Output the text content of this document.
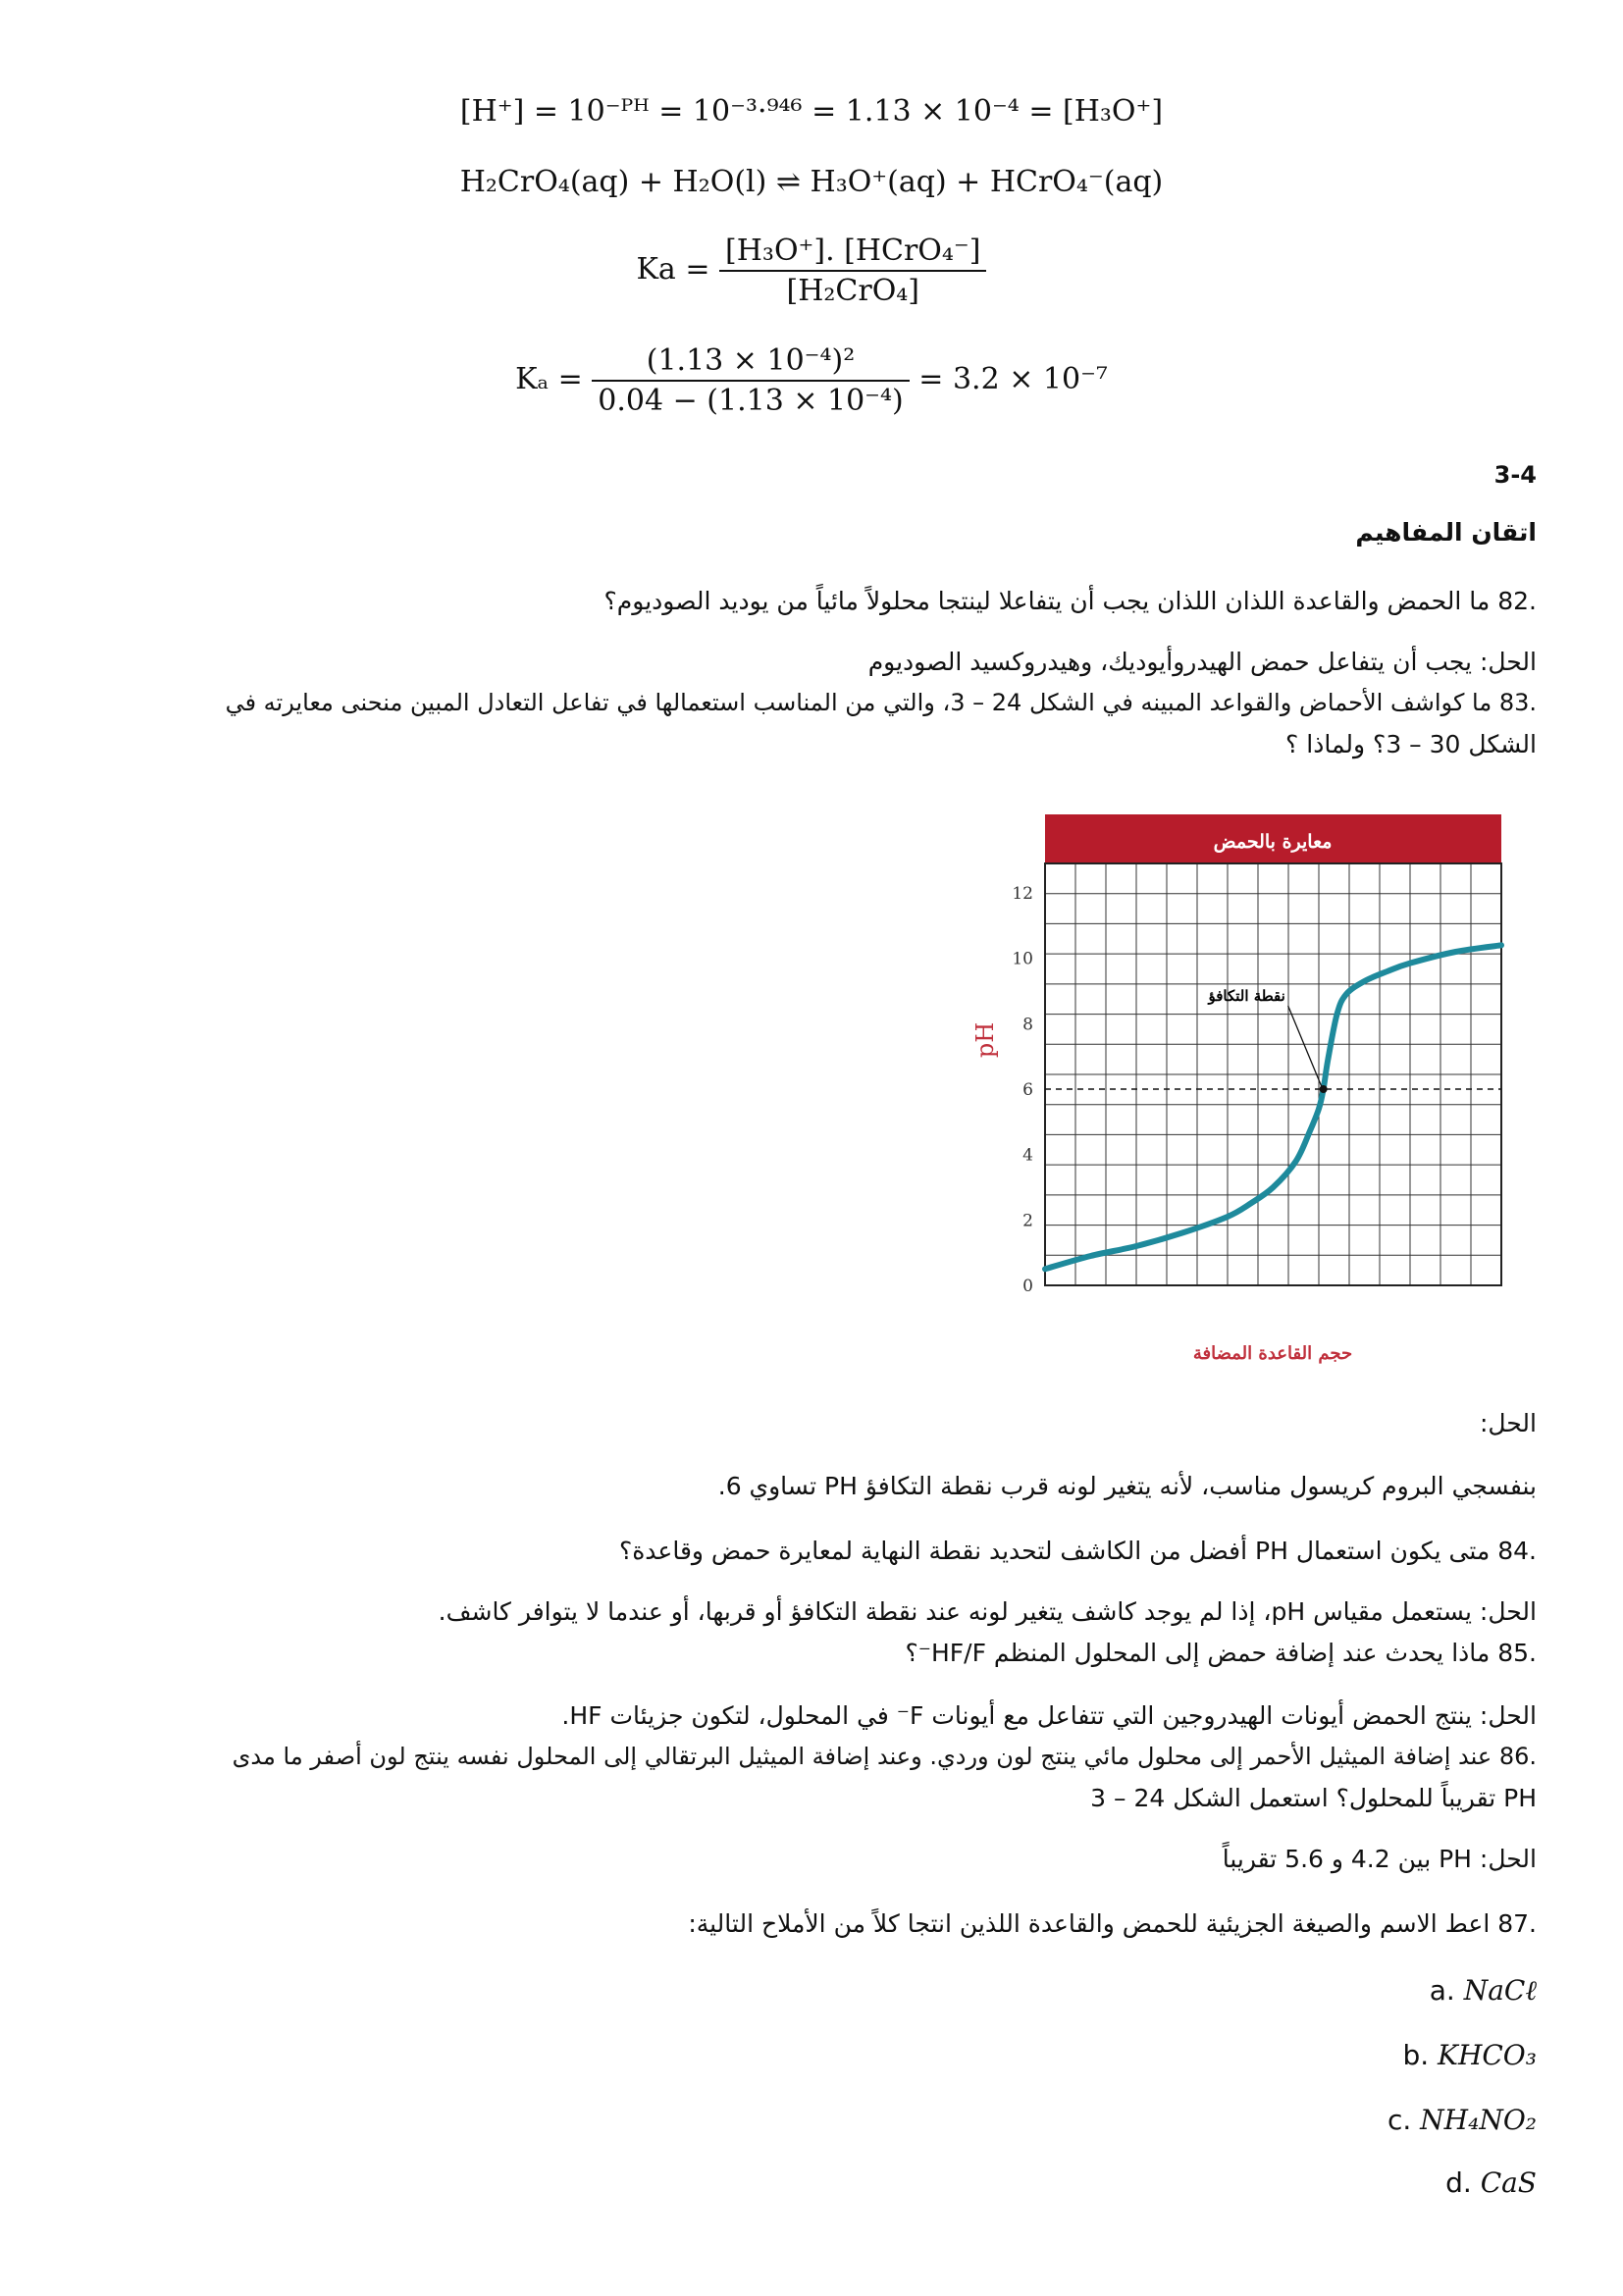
[H⁺] = 10⁻ᴾᴴ = 10⁻³·⁹⁴⁶ = 1.13 × 10⁻⁴ = [H₃O⁺]
H₂CrO₄(aq) + H₂O(l) ⇌ H₃O⁺(aq) + HCrO₄⁻(aq)
$Ka = \frac{\text{[H₃O⁺]. [HCrO₄⁻]}}{\text{[H₂CrO₄]}}$
$K_a = \frac{\text{(1.13 × 10⁻⁴)²}}{\text{0.04 − (1.13 × 10⁻⁴)}} = 3.2 \times 10^{-7}$
3-4
اتقان المفاهيم
.82 ما الحمض والقاعدة اللذان اللذان يجب أن يتفاعلا لينتجا محلولاً مائياً من يوديد الصوديوم؟
الحل: يجب أن يتفاعل حمض الهيدروأيوديك، وهيدروكسيد الصوديوم
.83 ما كواشف الأحماض والقواعد المبينه في الشكل 24 – 3، والتي من المناسب استعمالها في تفاعل التعادل المبين منحنى معايرته في
الشكل 30 – 3؟ ولماذا ؟
معايرة بالحمض
0
2
4
6
8
10
12
نقطة التكافؤ
pH
حجم القاعدة المضافة
الحل:
بنفسجي البروم كريسول مناسب، لأنه يتغير لونه قرب نقطة التكافؤ PH تساوي 6.
.84 متى يكون استعمال PH أفضل من الكاشف لتحديد نقطة النهاية لمعايرة حمض وقاعدة؟
الحل: يستعمل مقياس pH، إذا لم يوجد كاشف يتغير لونه عند نقطة التكافؤ أو قربها، أو عندما لا يتوافر كاشف.
.85 ماذا يحدث عند إضافة حمض إلى المحلول المنظم HF/F⁻؟
الحل: ينتج الحمض أيونات الهيدروجين التي تتفاعل مع أيونات F⁻ في المحلول، لتكون جزيئات HF.
.86 عند إضافة الميثيل الأحمر إلى محلول مائي ينتج لون وردي. وعند إضافة الميثيل البرتقالي إلى المحلول نفسه ينتج لون أصفر ما مدى
PH تقريباً للمحلول؟ استعمل الشكل 24 – 3
الحل: PH بين 4.2 و 5.6 تقريباً
.87 اعط الاسم والصيغة الجزيئية للحمض والقاعدة اللذين انتجا كلاً من الأملاح التالية:
a. NaCℓ
b. KHCO₃
c. NH₄NO₂
d. CaS
